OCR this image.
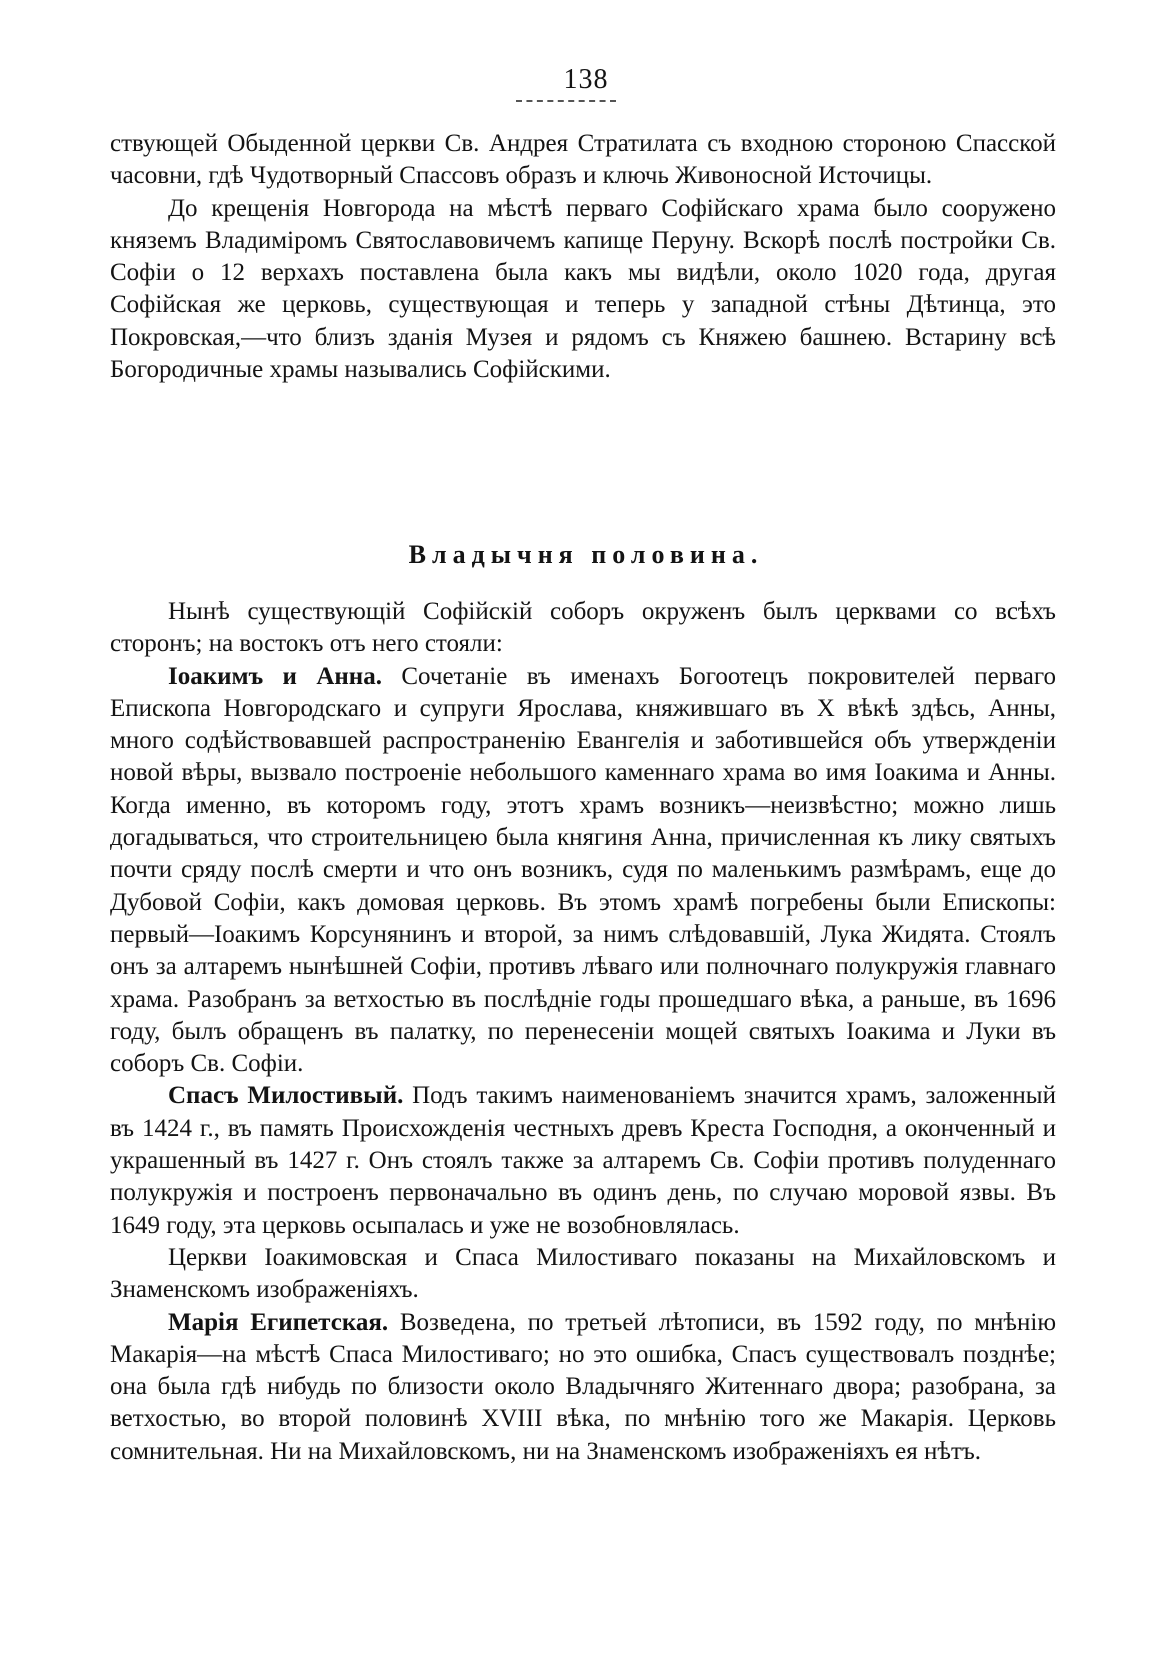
138

ствующей Обыденной церкви Св. Андрея Стратилата съ входною стороною Спасской часовни, гдѣ Чудотворный Спассовъ образъ и ключь Живоносной Источицы.

До крещенія Новгорода на мѣстѣ перваго Софійскаго храма было сооружено княземъ Владиміромъ Святославовичемъ капище Перуну. Вскорѣ послѣ постройки Св. Софіи о 12 верхахъ поставлена была какъ мы видѣли, около 1020 года, другая Софійская же церковь, существующая и теперь у западной стѣны Дѣтинца, это Покровская,—что близъ зданія Музея и рядомъ съ Княжею башнею. Встарину всѣ Богородичные храмы назывались Софійскими.

Владычня половина.

Нынѣ существующій Софійскій соборъ окруженъ былъ церквами со всѣхъ сторонъ; на востокъ отъ него стояли:

Іоакимъ и Анна. Сочетаніе въ именахъ Богоотецъ покровителей перваго Епископа Новгородскаго и супруги Ярослава, княжившаго въ X вѣкѣ здѣсь, Анны, много содѣйствовавшей распространенію Евангелія и заботившейся объ утвержденіи новой вѣры, вызвало построеніе небольшого каменнаго храма во имя Іоакима и Анны. Когда именно, въ которомъ году, этотъ храмъ возникъ—неизвѣстно; можно лишь догадываться, что строительницею была княгиня Анна, причисленная къ лику святыхъ почти сряду послѣ смерти и что онъ возникъ, судя по маленькимъ размѣрамъ, еще до Дубовой Софіи, какъ домовая церковь. Въ этомъ храмѣ погребены были Епископы: первый—Іоакимъ Корсунянинъ и второй, за нимъ слѣдовавшій, Лука Жидята. Стоялъ онъ за алтаремъ нынѣшней Софіи, противъ лѣваго или полночнаго полукружія главнаго храма. Разобранъ за ветхостью въ послѣдніе годы прошедшаго вѣка, а раньше, въ 1696 году, былъ обращенъ въ палатку, по перенесеніи мощей святыхъ Іоакима и Луки въ соборъ Св. Софіи.

Спасъ Милостивый. Подъ такимъ наименованіемъ значится храмъ, заложенный въ 1424 г., въ память Происхожденія честныхъ древъ Креста Господня, а оконченный и украшенный въ 1427 г. Онъ стоялъ также за алтаремъ Св. Софіи противъ полуденнаго полукружія и построенъ первоначально въ одинъ день, по случаю моровой язвы. Въ 1649 году, эта церковь осыпалась и уже не возобновлялась.

Церкви Іоакимовская и Спаса Милостиваго показаны на Михайловскомъ и Знаменскомъ изображеніяхъ.

Марія Египетская. Возведена, по третьей лѣтописи, въ 1592 году, по мнѣнію Макарія—на мѣстѣ Спаса Милостиваго; но это ошибка, Спасъ существовалъ позднѣе; она была гдѣ нибудь по близости около Владычняго Житеннаго двора; разобрана, за ветхостью, во второй половинѣ XVIII вѣка, по мнѣнію того же Макарія. Церковь сомнительная. Ни на Михайловскомъ, ни на Знаменскомъ изображеніяхъ ея нѣтъ.
